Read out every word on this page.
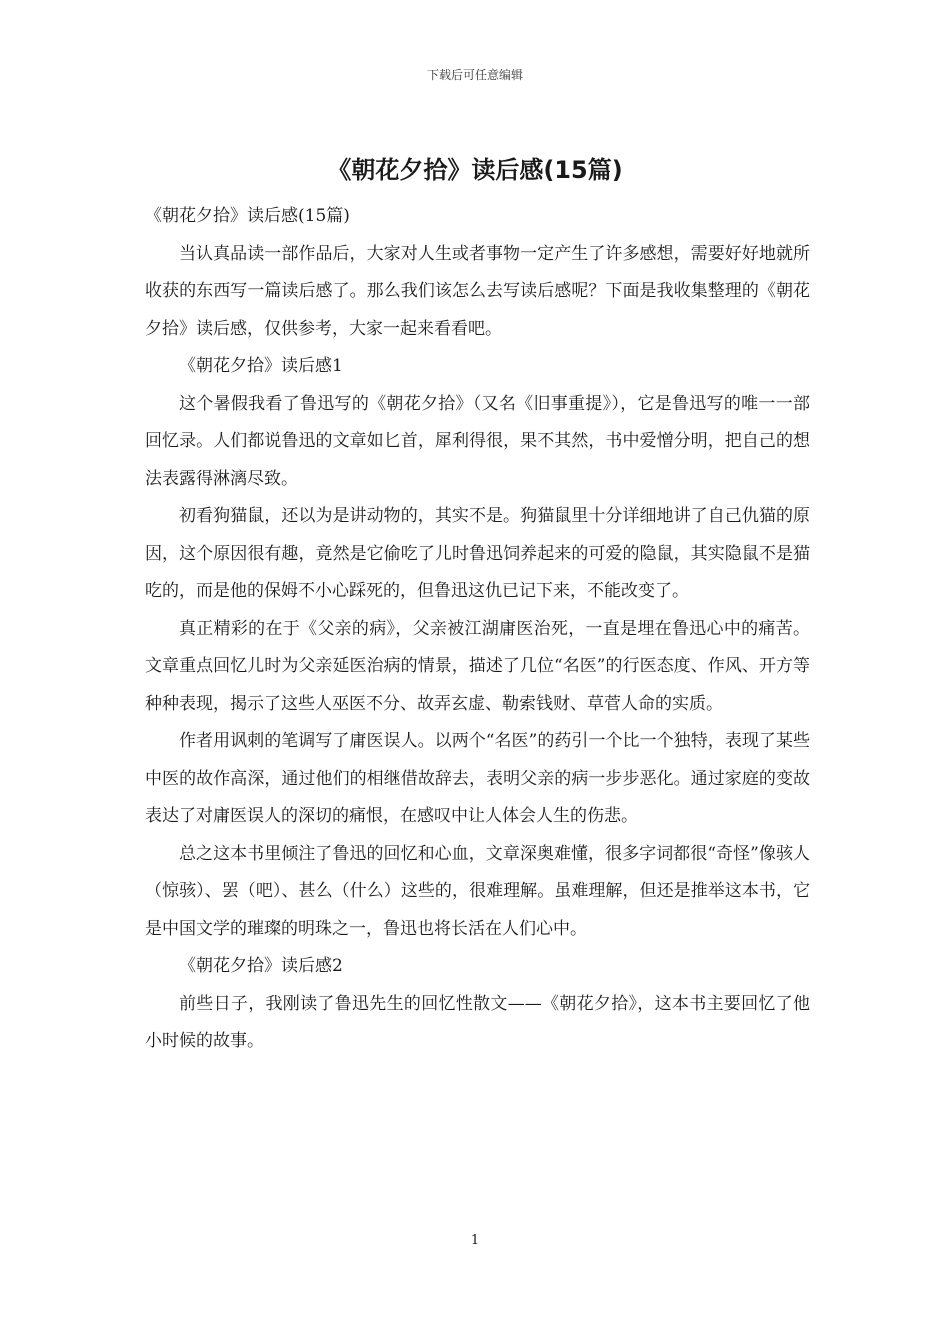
下载后可任意编辑
《朝花夕拾》读后感(15篇)

《朝花夕拾》读后感(15篇)

当认真品读一部作品后，大家对人生或者事物一定产生了许多感想，需要好好地就所收获的东西写一篇读后感了。那么我们该怎么去写读后感呢？下面是我收集整理的《朝花夕拾》读后感，仅供参考，大家一起来看看吧。

《朝花夕拾》读后感1

这个暑假我看了鲁迅写的《朝花夕拾》（又名《旧事重提》），它是鲁迅写的唯一一部回忆录。人们都说鲁迅的文章如匕首，犀利得很，果不其然，书中爱憎分明，把自己的想法表露得淋漓尽致。

初看狗猫鼠，还以为是讲动物的，其实不是。狗猫鼠里十分详细地讲了自己仇猫的原因，这个原因很有趣，竟然是它偷吃了儿时鲁迅饲养起来的可爱的隐鼠，其实隐鼠不是猫吃的，而是他的保姆不小心踩死的，但鲁迅这仇已记下来，不能改变了。

真正精彩的在于《父亲的病》，父亲被江湖庸医治死，一直是埋在鲁迅心中的痛苦。文章重点回忆儿时为父亲延医治病的情景，描述了几位“名医”的行医态度、作风、开方等种种表现，揭示了这些人巫医不分、故弄玄虚、勒索钱财、草菅人命的实质。

作者用讽刺的笔调写了庸医误人。以两个“名医”的药引一个比一个独特，表现了某些中医的故作高深，通过他们的相继借故辞去，表明父亲的病一步步恶化。通过家庭的变故表达了对庸医误人的深切的痛恨，在感叹中让人体会人生的伤悲。

总之这本书里倾注了鲁迅的回忆和心血，文章深奥难懂，很多字词都很“奇怪”像骇人（惊骇）、罢（吧）、甚么（什么）这些的，很难理解。虽难理解，但还是推举这本书，它是中国文学的璀璨的明珠之一，鲁迅也将长活在人们心中。

《朝花夕拾》读后感2

前些日子，我刚读了鲁迅先生的回忆性散文——《朝花夕拾》，这本书主要回忆了他小时候的故事。

1
